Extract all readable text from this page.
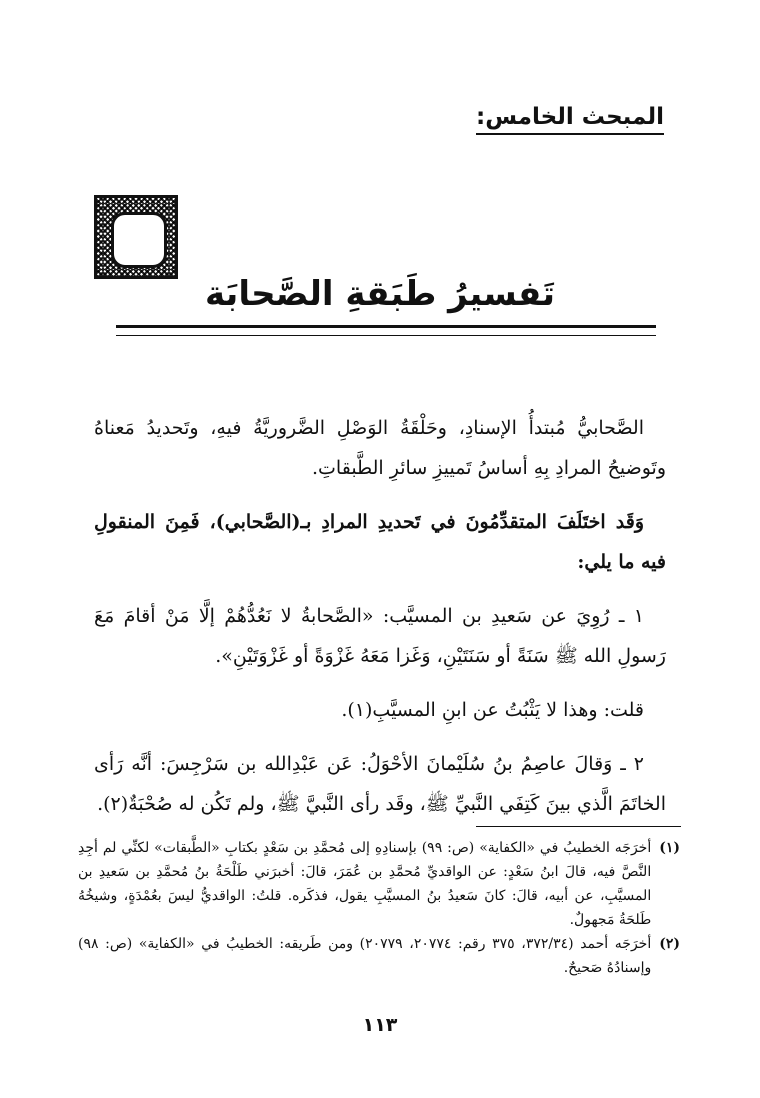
المبحث الخامس:
تَفسيرُ طَبَقةِ الصَّحابَة

الصَّحابيُّ مُبتدأُ الإسنادِ، وحَلْقَةُ الوَصْلِ الضَّروريَّةُ فيهِ، وتَحديدُ مَعناهُ وتَوضيحُ المرادِ بِهِ أساسُ تَمييزِ سائرِ الطَّبقاتِ.

وَقَد اختَلَفَ المتقدِّمُونَ في تَحديدِ المرادِ بـ(الصَّحابي)، فَمِنَ المنقولِ فيه ما يلي:

١ ـ رُوِيَ عن سَعيدِ بن المسيَّب: «الصَّحابةُ لا نَعُدُّهُمْ إلَّا مَنْ أقامَ مَعَ رَسولِ الله ﷺ سَنَةً أو سَنَتَيْنِ، وَغَزا مَعَهُ غَزْوَةً أو غَزْوَتَيْنِ».

قلت: وهذا لا يَثْبُتُ عن ابنِ المسيَّبِ(١).

٢ ـ وَقالَ عاصِمُ بنُ سُلَيْمانَ الأحْوَلُ: عَن عَبْدِالله بن سَرْجِسَ: أنَّه رَأى الخاتَمَ الَّذي بينَ كَتِفَي النَّبيِّ ﷺ، وقَد رأى النَّبيَّ ﷺ، ولم تَكُن له صُحْبَةٌ(٢).

(١)
أخرَجَه الخطيبُ في «الكفاية» (ص: ٩٩) بإسنادِهِ إلى مُحمَّدِ بن سَعْدٍ بكتابِ «الطَّبقات» لكنِّي لم أجِدِ النَّصَّ فيه، قالَ ابنُ سَعْدٍ: عن الواقديِّ مُحمَّدِ بن عُمَرَ، قالَ: أخبرَني طَلْحَةُ بنُ مُحمَّدِ بن سَعيدِ بن المسيَّبِ، عن أبيه، قالَ: كانَ سَعيدُ بنُ المسيَّبِ يقول، فذكَره. قلتُ: الواقديُّ ليسَ بعُمْدَةٍ، وشيخُهُ طَلحَةُ مَجهولٌ.
(٢)
أخرَجَه أحمد (٣٧٢/٣٤، ٣٧٥ رقم: ٢٠٧٧٤، ٢٠٧٧٩) ومن طَريقه: الخطيبُ في «الكفاية» (ص: ٩٨) وإسنادُهُ صَحيحٌ.
١١٣
